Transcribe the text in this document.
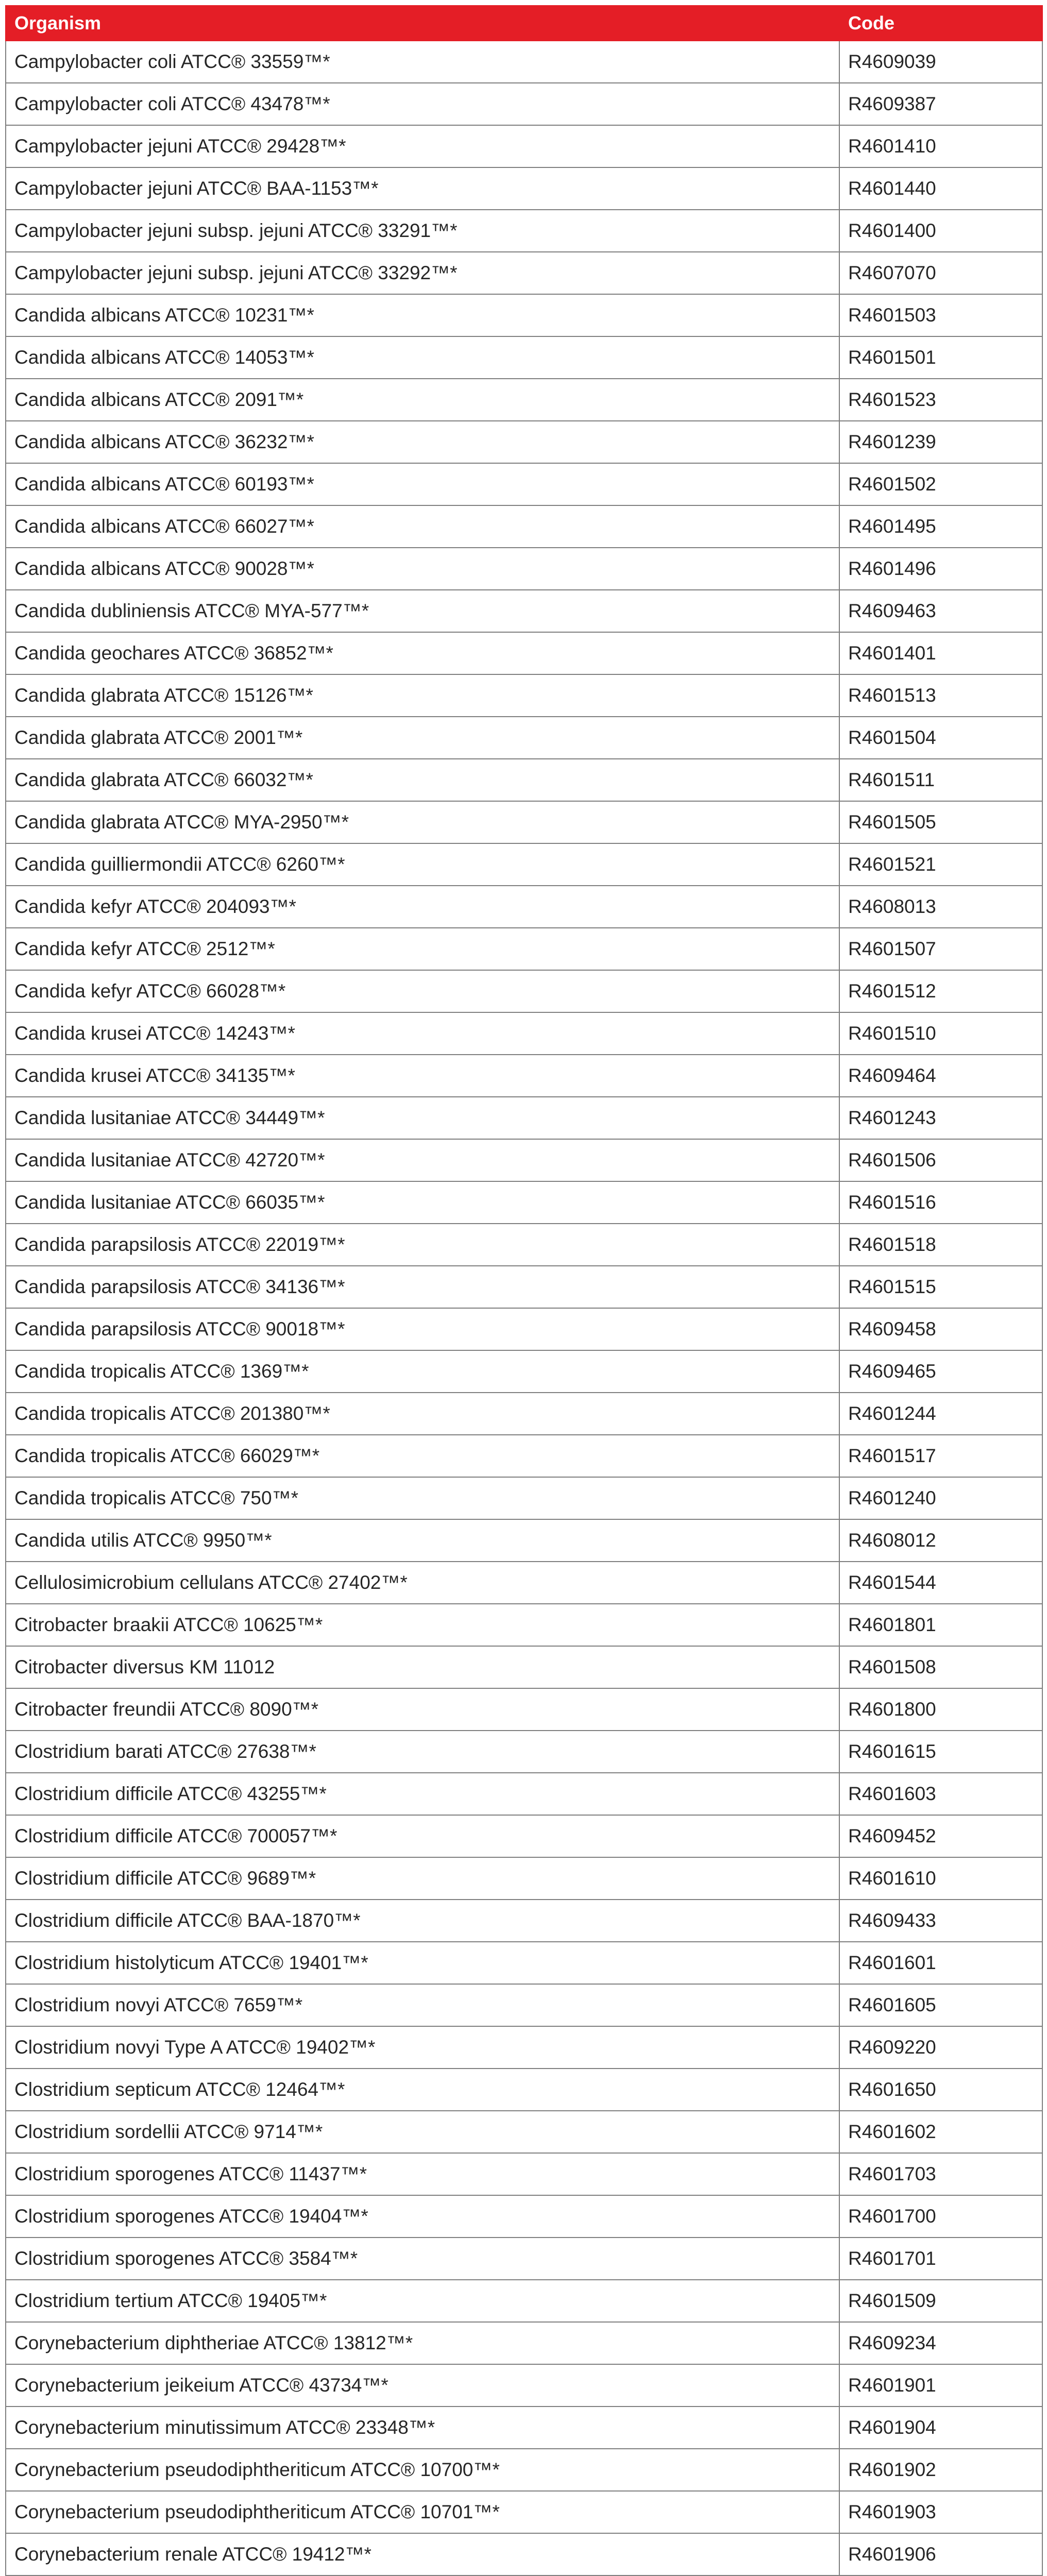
Organism	Code
Campylobacter coli ATCC® 33559™*	R4609039
Campylobacter coli ATCC® 43478™*	R4609387
Campylobacter jejuni ATCC® 29428™*	R4601410
Campylobacter jejuni ATCC® BAA-1153™*	R4601440
Campylobacter jejuni subsp. jejuni ATCC® 33291™*	R4601400
Campylobacter jejuni subsp. jejuni ATCC® 33292™*	R4607070
Candida albicans ATCC® 10231™*	R4601503
Candida albicans ATCC® 14053™*	R4601501
Candida albicans ATCC® 2091™*	R4601523
Candida albicans ATCC® 36232™*	R4601239
Candida albicans ATCC® 60193™*	R4601502
Candida albicans ATCC® 66027™*	R4601495
Candida albicans ATCC® 90028™*	R4601496
Candida dubliniensis ATCC® MYA-577™*	R4609463
Candida geochares ATCC® 36852™*	R4601401
Candida glabrata ATCC® 15126™*	R4601513
Candida glabrata ATCC® 2001™*	R4601504
Candida glabrata ATCC® 66032™*	R4601511
Candida glabrata ATCC® MYA-2950™*	R4601505
Candida guilliermondii ATCC® 6260™*	R4601521
Candida kefyr ATCC® 204093™*	R4608013
Candida kefyr ATCC® 2512™*	R4601507
Candida kefyr ATCC® 66028™*	R4601512
Candida krusei ATCC® 14243™*	R4601510
Candida krusei ATCC® 34135™*	R4609464
Candida lusitaniae ATCC® 34449™*	R4601243
Candida lusitaniae ATCC® 42720™*	R4601506
Candida lusitaniae ATCC® 66035™*	R4601516
Candida parapsilosis ATCC® 22019™*	R4601518
Candida parapsilosis ATCC® 34136™*	R4601515
Candida parapsilosis ATCC® 90018™*	R4609458
Candida tropicalis ATCC® 1369™*	R4609465
Candida tropicalis ATCC® 201380™*	R4601244
Candida tropicalis ATCC® 66029™*	R4601517
Candida tropicalis ATCC® 750™*	R4601240
Candida utilis ATCC® 9950™*	R4608012
Cellulosimicrobium cellulans ATCC® 27402™*	R4601544
Citrobacter braakii ATCC® 10625™*	R4601801
Citrobacter diversus KM 11012	R4601508
Citrobacter freundii ATCC® 8090™*	R4601800
Clostridium barati ATCC® 27638™*	R4601615
Clostridium difficile ATCC® 43255™*	R4601603
Clostridium difficile ATCC® 700057™*	R4609452
Clostridium difficile ATCC® 9689™*	R4601610
Clostridium difficile ATCC® BAA-1870™*	R4609433
Clostridium histolyticum ATCC® 19401™*	R4601601
Clostridium novyi ATCC® 7659™*	R4601605
Clostridium novyi Type A ATCC® 19402™*	R4609220
Clostridium septicum ATCC® 12464™*	R4601650
Clostridium sordellii ATCC® 9714™*	R4601602
Clostridium sporogenes ATCC® 11437™*	R4601703
Clostridium sporogenes ATCC® 19404™*	R4601700
Clostridium sporogenes ATCC® 3584™*	R4601701
Clostridium tertium ATCC® 19405™*	R4601509
Corynebacterium diphtheriae ATCC® 13812™*	R4609234
Corynebacterium jeikeium ATCC® 43734™*	R4601901
Corynebacterium minutissimum ATCC® 23348™*	R4601904
Corynebacterium pseudodiphtheriticum ATCC® 10700™*	R4601902
Corynebacterium pseudodiphtheriticum ATCC® 10701™*	R4601903
Corynebacterium renale ATCC® 19412™*	R4601906
